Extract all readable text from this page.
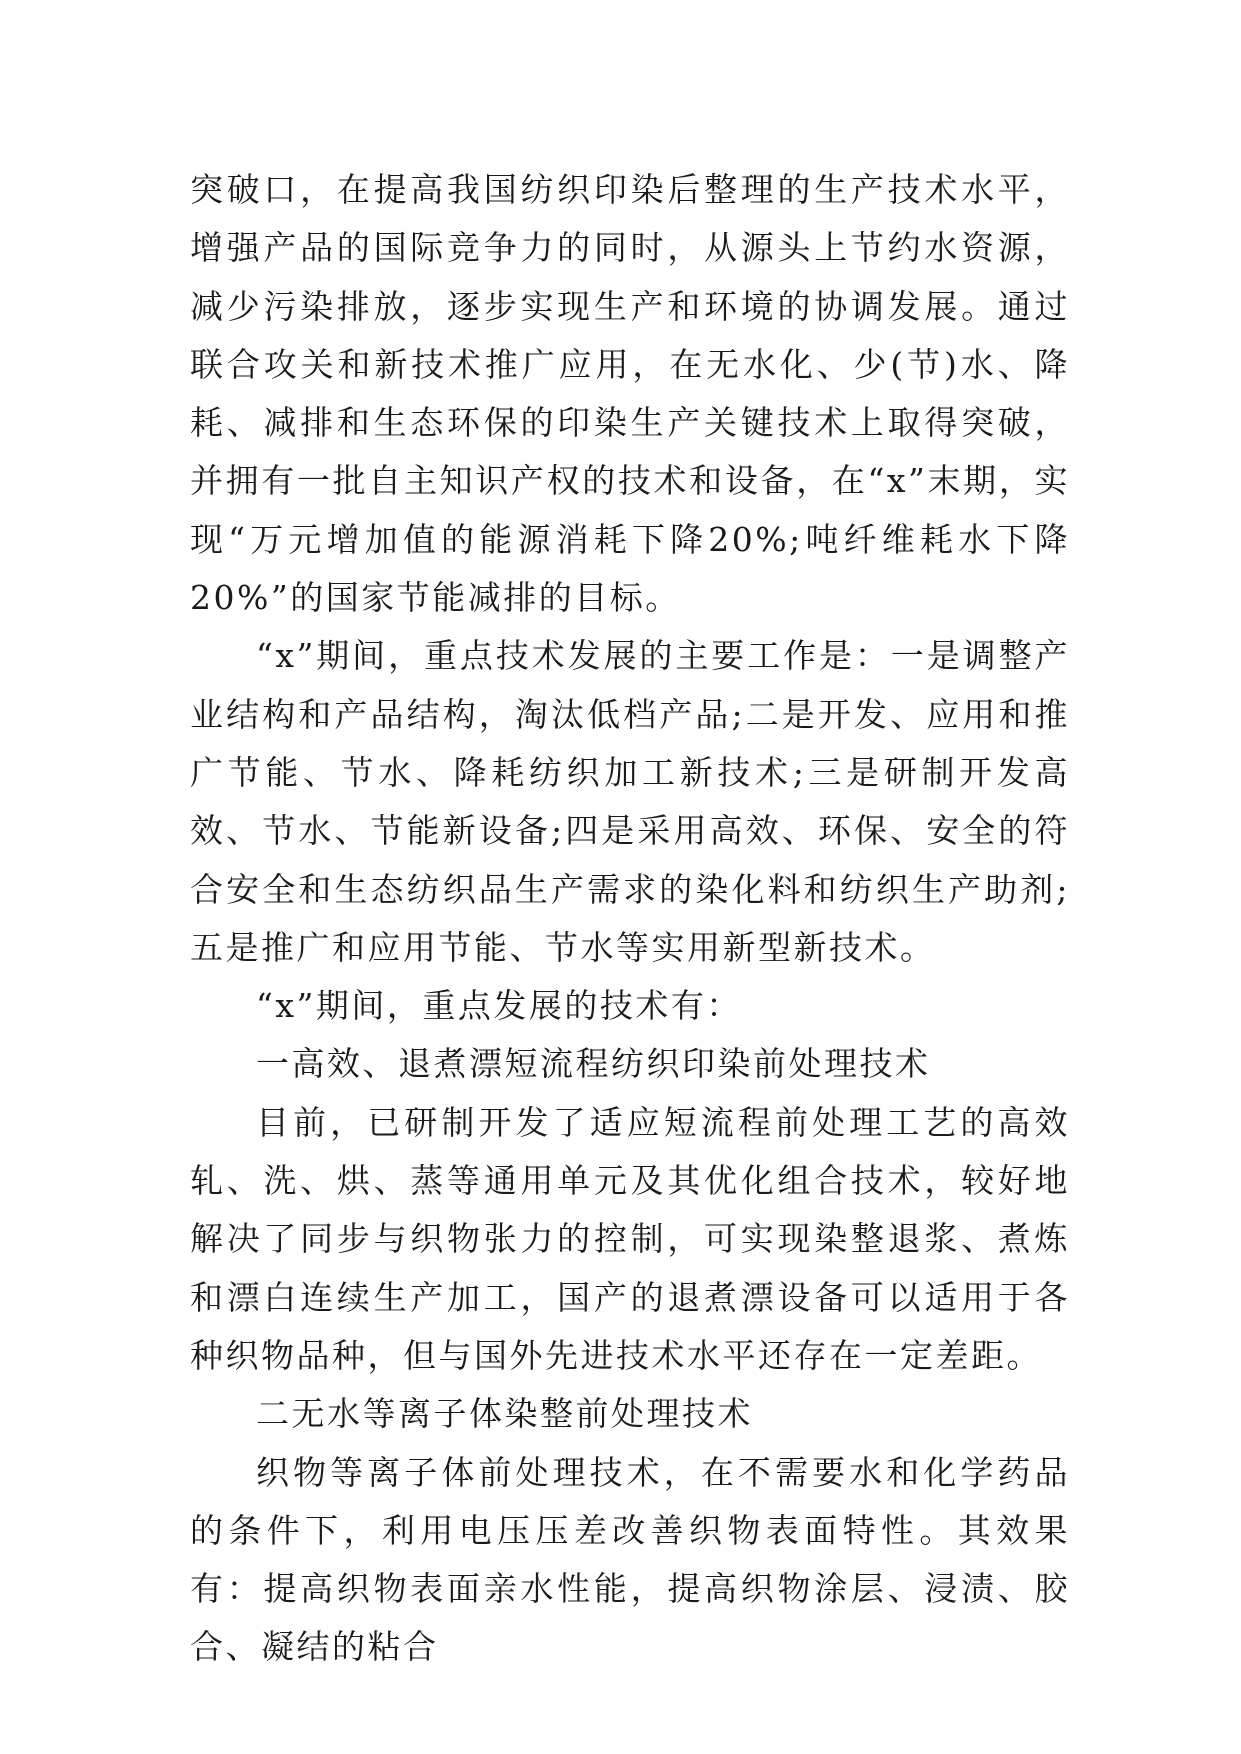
突破口，在提高我国纺织印染后整理的生产技术水平，增强产品的国际竞争力的同时，从源头上节约水资源，减少污染排放，逐步实现生产和环境的协调发展。通过联合攻关和新技术推广应用，在无水化、少(节)水、降耗、减排和生态环保的印染生产关键技术上取得突破，并拥有一批自主知识产权的技术和设备，在“x”末期，实现“万元增加值的能源消耗下降20%;吨纤维耗水下降20%”的国家节能减排的目标。

“x”期间，重点技术发展的主要工作是：一是调整产业结构和产品结构，淘汰低档产品;二是开发、应用和推广节能、节水、降耗纺织加工新技术;三是研制开发高效、节水、节能新设备;四是采用高效、环保、安全的符合安全和生态纺织品生产需求的染化料和纺织生产助剂;五是推广和应用节能、节水等实用新型新技术。

“x”期间，重点发展的技术有：

一高效、退煮漂短流程纺织印染前处理技术

目前，已研制开发了适应短流程前处理工艺的高效轧、洗、烘、蒸等通用单元及其优化组合技术，较好地解决了同步与织物张力的控制，可实现染整退浆、煮炼和漂白连续生产加工，国产的退煮漂设备可以适用于各种织物品种，但与国外先进技术水平还存在一定差距。

二无水等离子体染整前处理技术

织物等离子体前处理技术，在不需要水和化学药品的条件下，利用电压压差改善织物表面特性。其效果有：提高织物表面亲水性能，提高织物涂层、浸渍、胶合、凝结的粘合
